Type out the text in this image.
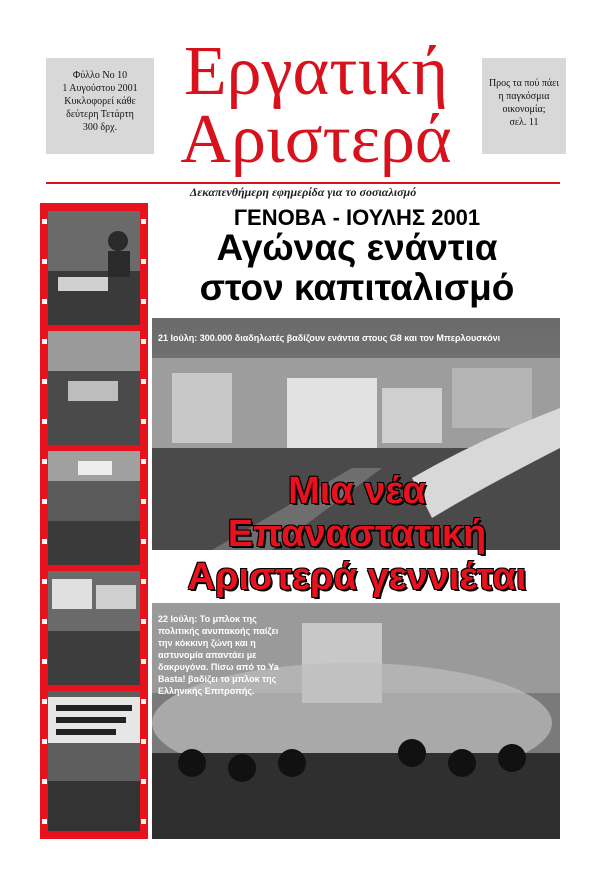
Φύλλο Νο 10
1 Αυγούστου 2001
Κυκλοφορεί κάθε
δεύτερη Τετάρτη
300 δρχ.
Εργατική
Αριστερά
Προς τα πού πάει
η παγκόσμια
οικονομία;
σελ. 11
Δεκαπενθήμερη εφημερίδα για το σοσιαλισμό
ΓΕΝΟΒΑ - ΙΟΥΛΗΣ 2001
Αγώνας ενάντια
στον καπιταλισμό
21 Ιούλη: 300.000 διαδηλωτές βαδίζουν ενάντια στους G8 και τον Μπερλουσκόνι
Μια νέα
Επαναστατική
Αριστερά γεννιέται
22 Ιούλη: Το μπλοκ της πολιτικής ανυπακοής παίζει την κόκκινη ζώνη και η αστυνομία απαντάει με δακρυγόνα. Πίσω από το Ya Basta! βαδίζει το μπλοκ της Ελληνικής Επιτροπής.
